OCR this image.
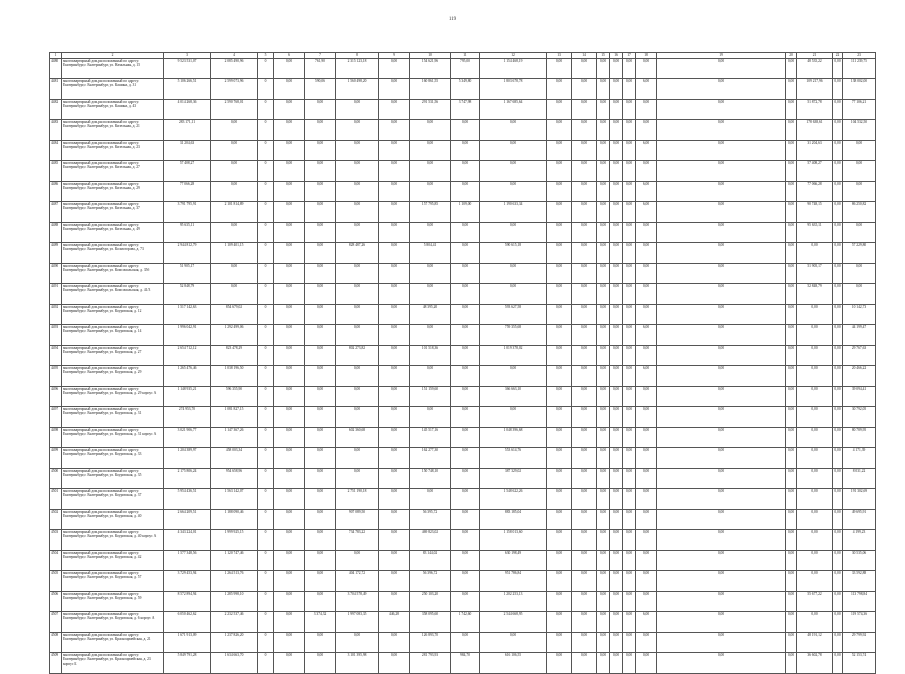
119
1	2	3	4	5	6	7	8	9	10	11	12	13	14	15	16	17	18	19	20	21	22	23
4480	многоквартирный дом,расположенный по адресу: Екатеринбург,г. Екатеринбург, ул. Начальная, д. 15	9 523 531,07	2 085 490,96	0	0,00	761,90	2 315 123,18	0,00	154 621,96	795,00	1 154 468,19	0,00	0,00	0,00	0,00	0,00	0,00	0,00	0,00	48 535,22	0,00	111 239,75
4481	многоквартирный дом,расположенный по адресу: Екатеринбург,г. Екатеринбург, ул. Кашина, д. 31	5 106 266,51	2 599 073,96	0	0,00	590,06	1 560 498,20	0,00	160 861,55	5 349,80	1 803 678,78	0,00	0,00	0,00	0,00	0,00	6,00	0,00	0,00	109 217,96	0,00	138 002,00
4482	многоквартирный дом,расположенный по адресу: Екатеринбург,г. Екатеринбург, ул. Кашина, д. 43	4 014 268,36	2 590 768,01	0	0,00	0,00	0,00	0,00	291 531,56	3 747,98	1 167 685,64	0,00	0,00	0,00	0,00	0,00	0,00	0,00	0,00	51 872,78	0,00	77 106,21
4483	многоквартирный дом,расположенный по адресу: Екатеринбург,г. Екатеринбург, ул. Кизельная, д. 21	283 171,11	0,00	0	0,00	0,00	0,00	0,00	0,00	0,00	0,00	0,00	0,00	0,00	0,00	0,00	0,00	0,00	0,00	178 638,61	0,00	104 532,50
4484	многоквартирный дом,расположенный по адресу: Екатеринбург,г. Екатеринбург, ул. Кизельная, д. 23	31 204,63	0,00	0	0,00	0,00	0,00	0,00	0,00	0,00	0,00	0,00	0,00	0,00	0,00	0,00	6,00	0,00	0,00	31 204,63	0,00	0,00
4485	многоквартирный дом,расположенный по адресу: Екатеринбург,г. Екатеринбург, ул. Кизельная, д. 27	57 408,27	0,00	0	0,00	0,00	0,00	0,00	0,00	0,00	0,00	0,00	0,00	0,00	0,00	0,00	0,00	0,00	0,00	57 408,27	0,00	0,00
4486	многоквартирный дом,расположенный по адресу: Екатеринбург,г. Екатеринбург, ул. Кизельная, д. 29	77 066,28	0,00	0	0,00	0,00	0,00	0,00	0,00	0,00	0,00	0,00	0,00	0,00	0,00	0,00	6,00	0,00	0,00	77 066,28	0,00	0,00
4487	многоквартирный дом,расположенный по адресу: Екатеринбург,г. Екатеринбург, ул. Кизельная, д. 37	3 791 795,91	2 101 814,89	0	0,00	0,00	0,00	0,00	157 795,85	1 109,00	1 190 633,34	0,00	0,00	0,00	0,00	0,00	6,00	0,00	0,00	90 748,15	0,00	86 250,82
4488	многоквартирный дом,расположенный по адресу: Екатеринбург,г. Екатеринбург, ул. Кизельная, д. 49	95 635,11	0,00	0	0,00	0,00	0,00	0,00	0,00	0,00	0,00	0,00	0,00	0,00	0,00	0,00	0,00	0,00	0,00	95 635,11	0,00	0,00
4489	многоквартирный дом,расположенный по адресу: Екатеринбург,г. Екатеринбург, ул. Колмогорова, д. 73	2 944 812,79	1 109 401,15	0	0,00	0,00	828 487,26	0,00	5 804,41	0,00	590 615,18	0,00	0,00	0,00	0,00	0,00	0,00	0,00	0,00	0,00	0,00	57 229,80
4490	многоквартирный дом,расположенный по адресу: Екатеринбург,г. Екатеринбург, ул. Комсомольская, д. 35б	51 905,17	0,00	0	0,00	0,00	0,00	0,00	0,00	0,00	0,00	0,00	0,00	0,00	0,00	0,00	0,00	0,00	0,00	51 905,17	0,00	0,00
4491	многоквартирный дом,расположенный по адресу: Екатеринбург,г. Екатеринбург, ул. Комсомольская, д. 41/3	52 848,79	0,00	0	0,00	0,00	0,00	0,00	0,00	0,00	0,00	0,00	0,00	0,00	0,00	0,00	0,00	0,00	0,00	52 848,79	0,00	0,00
4492	многоквартирный дом,расположенный по адресу: Екатеринбург,г. Екатеринбург, ул. Коуровская, д. 12	1 517 142,63	854 679,02	0	0,00	0,00	0,00	0,00	48 395,20	0,00	593 627,58	0,00	0,00	0,00	0,00	0,00	0,00	0,00	0,00	0,00	0,00	10 142,73
4493	многоквартирный дом,расположенный по адресу: Екатеринбург,г. Екатеринбург, ул. Коуровская, д. 14	1 996 042,91	1 292 499,06	0	0,00	0,00	0,00	0,00	0,00	0,00	759 355,68	0,00	0,00	0,00	0,00	0,00	6,00	0,00	0,00	0,00	0,00	44 199,47
4494	многоквартирный дом,расположенный по адресу: Екатеринбург,г. Екатеринбург, ул. Коуровская, д. 27	2 654 712,12	823 478,29	0	0,00	0,00	802 273,82	0,00	101 518,36	0,00	1 019 378,02	0,00	0,00	0,00	0,00	0,00	0,00	0,00	0,00	0,00	0,00	29 767,63
4495	многоквартирный дом,расположенный по адресу: Екатеринбург,г. Екатеринбург, ул. Коуровская, д. 29	1 265 476,46	1 038 196,50	0	0,00	0,00	0,00	0,00	0,00	0,00	0,00	0,00	0,00	0,00	0,00	0,00	6,00	0,00	0,00	0,00	0,00	20 466,22
4496	многоквартирный дом,расположенный по адресу: Екатеринбург,г. Екатеринбург, ул. Коуровская, д. 29 корпус А	1 148 935,21	596 355,90	0	0,00	0,00	0,00	0,00	151 159,60	0,00	366 663,10	0,00	0,00	0,00	0,00	0,00	0,00	0,00	0,00	0,00	0,00	39 094,41
4497	многоквартирный дом,расположенный по адресу: Екатеринбург,г. Екатеринбург, ул. Коуровская, д. 31	274 953,70	1 081 827,15	0	0,00	0,00	0,00	0,00	0,00	0,00	0,00	0,00	0,00	0,00	0,00	0,00	0,00	0,00	0,00	0,00	0,00	30 792,05
4498	многоквартирный дом,расположенный по адресу: Екатеринбург,г. Екатеринбург, ул. Коуровская, д. 31 корпус А	3 021 906,77	1 147 367,26	0	0,00	0,00	602 360,68	0,00	145 517,16	0,00	1 048 396,68	0,00	0,00	0,00	0,00	0,00	0,00	0,00	0,00	0,00	0,00	80 789,95
4499	многоквартирный дом,расположенный по адресу: Екатеринбург,г. Екатеринбург, ул. Коуровская, д. 33	1 204 389,97	458 003,34	0	0,00	0,00	0,00	0,00	162 277,30	0,00	553 614,76	0,00	0,00	0,00	0,00	0,00	0,00	0,00	0,00	0,00	0,00	4 171,39
4500	многоквартирный дом,расположенный по адресу: Екатеринбург,г. Екатеринбург, ул. Коуровская, д. 35	2 175 806,24	954 658,96	0	0,00	0,00	0,00	0,00	150 748,10	0,00	387 329,02	0,00	0,00	0,00	0,00	0,00	0,00	0,00	0,00	0,00	0,00	8 031,22
4501	многоквартирный дом,расположенный по адресу: Екатеринбург,г. Екатеринбург, ул. Коуровская, д. 37	5 954 436,51	1 563 142,07	0	0,00	0,00	2 751 190,18	0,00	0,00	0,00	1 548 622,26	0,00	0,00	0,00	0,00	0,00	0,00	0,00	0,00	0,00	0,00	191 302,69
4502	многоквартирный дом,расположенный по адресу: Екатеринбург,г. Екатеринбург, ул. Коуровская, д. 40	2 664 209,51	1 188 090,46	0	0,00	0,00	907 089,50	0,00	56 395,72	0,00	883 185,04	0,00	0,00	0,00	0,00	0,00	0,00	0,00	0,00	0,00	0,00	49 695,91
4503	многоквартирный дом,расположенный по адресу: Екатеринбург,г. Екатеринбург, ул. Коуровская, д. 40 корпус А	4 343 224,01	1 999 925,15	0	0,00	0,00	734 783,22	0,00	469 823,02	0,00	1 158 013,60	0,00	0,00	0,00	0,00	0,00	0,00	0,00	0,00	0,00	0,00	4 199,23
4504	многоквартирный дом,расположенный по адресу: Екатеринбург,г. Екатеринбург, ул. Коуровская, д. 42	1 577 348,56	1 120 747,46	0	0,00	0,00	0,00	0,00	83 144,02	0,00	630 198,49	0,00	0,00	0,00	0,00	0,00	0,00	0,00	0,00	0,00	0,00	30 535,06
4505	многоквартирный дом,расположенный по адресу: Екатеринбург,г. Екатеринбург, ул. Коуровская, д. 57	3 729 453,94	1 264 513,76	0	0,00	0,00	404 172,72	0,00	56 396,72	0,00	951 786,84	0,00	0,00	0,00	0,00	0,00	0,00	0,00	0,00	0,00	0,00	33 592,88
4506	многоквартирный дом,расположенный по адресу: Екатеринбург,г. Екатеринбург, ул. Коуровская, д. 59	8 572 894,94	1 285 998,10	0	0,00	0,00	3 704 578,49	0,00	250 103,20	0,00	1 202 253,13	0,00	0,00	0,00	0,00	0,00	0,00	0,00	0,00	55 677,22	0,00	113 798,84
4507	многоквартирный дом,расположенный по адресу: Екатеринбург,г. Екатеринбург, ул. Коуровская, д. 6 корпус А	6 050 462,62	2 232 537,46	0	0,00	3 374,32	1 997 083,35	446,28	358 095,60	1 742,60	2 544 668,95	0,00	0,00	0,00	0,00	0,00	6,00	0,00	0,00	0,00	0,00	119 574,36
4508	многоквартирный дом,расположенный по адресу: Екатеринбург,г. Екатеринбург, ул. Красноармейская, д. 21	1 671 913,09	1 237 826,20	0	0,00	0,00	0,00	0,00	126 893,70	0,00	0,00	0,00	0,00	0,00	0,00	0,00	0,00	0,00	0,00	48 191,12	0,00	29 799,92
4509	многоквартирный дом,расположенный по адресу: Екатеринбург,г. Екатеринбург, ул. Красноармейская, д. 23 корпус Б	5 849 791,28	1 634 663,70	0	0,00	0,00	3 101 395,98	0,00	281 793,93	984,70	616 106,55	0,00	0,00	0,00	0,00	0,00	0,00	0,00	0,00	36 602,78	0,00	52 153,74
